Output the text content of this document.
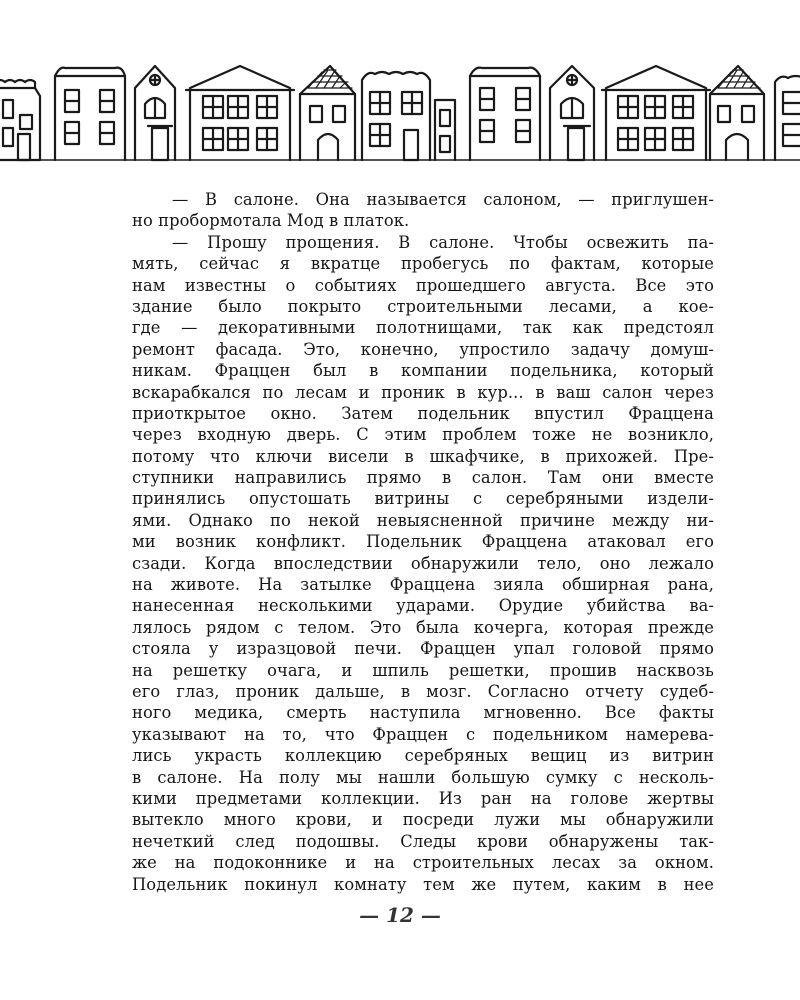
— В салоне. Она называется салоном, — приглушен-
но пробормотала Мод в платок.
— Прошу прощения. В салоне. Чтобы освежить па-
мять, сейчас я вкратце пробегусь по фактам, которые
нам известны о событиях прошедшего августа. Все это
здание было покрыто строительными лесами, а кое-
где — декоративными полотнищами, так как предстоял
ремонт фасада. Это, конечно, упростило задачу домуш-
никам. Фраццен был в компании подельника, который
вскарабкался по лесам и проник в кур... в ваш салон через
приоткрытое окно. Затем подельник впустил Фраццена
через входную дверь. С этим проблем тоже не возникло,
потому что ключи висели в шкафчике, в прихожей. Пре-
ступники направились прямо в салон. Там они вместе
принялись опустошать витрины с серебряными издели-
ями. Однако по некой невыясненной причине между ни-
ми возник конфликт. Подельник Фраццена атаковал его
сзади. Когда впоследствии обнаружили тело, оно лежало
на животе. На затылке Фраццена зияла обширная рана,
нанесенная несколькими ударами. Орудие убийства ва-
лялось рядом с телом. Это была кочерга, которая прежде
стояла у изразцовой печи. Фраццен упал головой прямо
на решетку очага, и шпиль решетки, прошив насквозь
его глаз, проник дальше, в мозг. Согласно отчету судеб-
ного медика, смерть наступила мгновенно. Все факты
указывают на то, что Фраццен с подельником намерева-
лись украсть коллекцию серебряных вещиц из витрин
в салоне. На полу мы нашли большую сумку с несколь-
кими предметами коллекции. Из ран на голове жертвы
вытекло много крови, и посреди лужи мы обнаружили
нечеткий след подошвы. Следы крови обнаружены так-
же на подоконнике и на строительных лесах за окном.
Подельник покинул комнату тем же путем, каким в нее
— 12 —
